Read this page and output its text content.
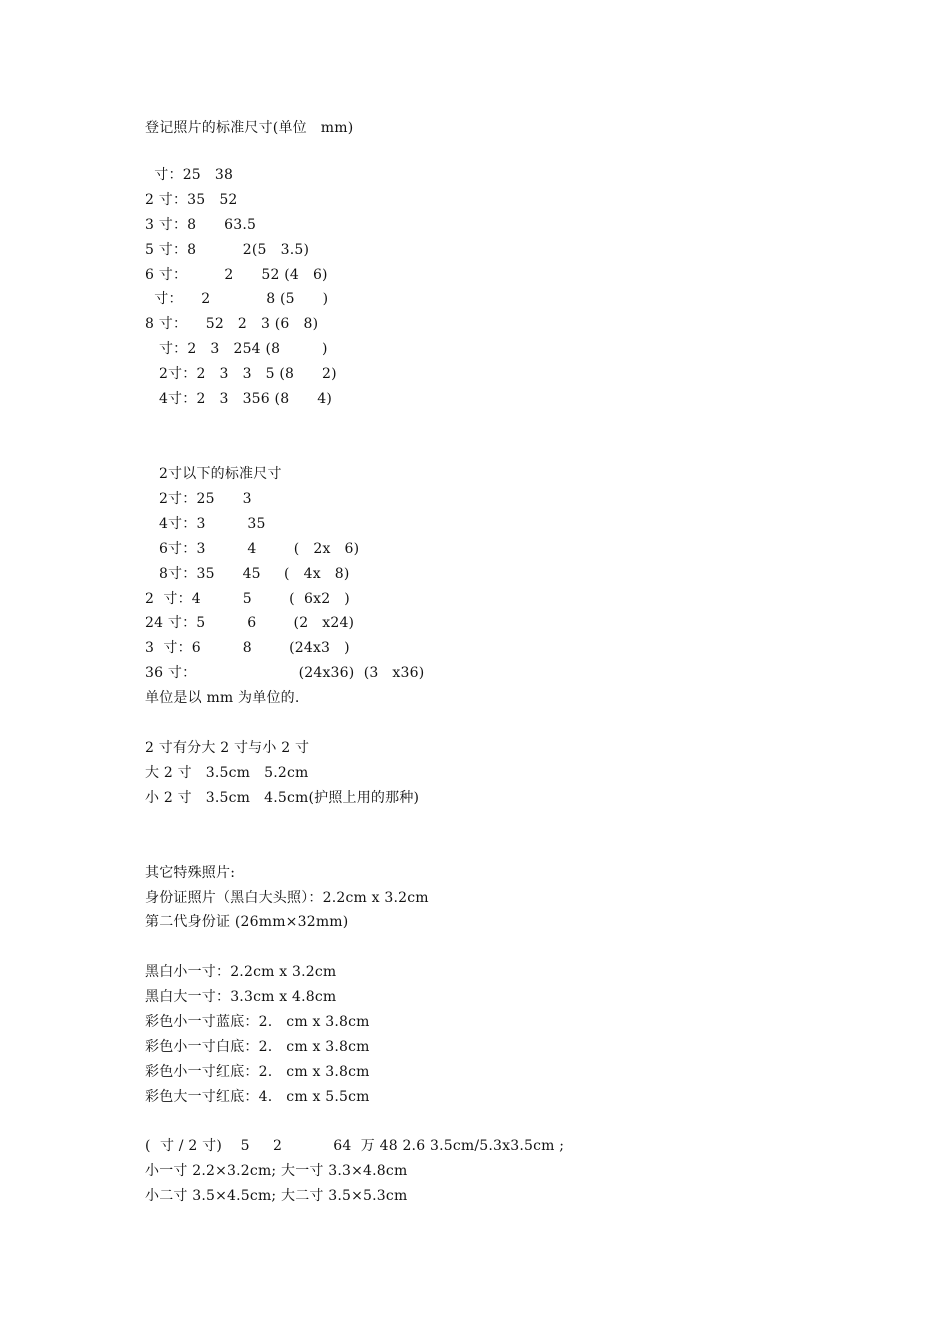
登记照片的标准尺寸(单位   mm)
寸：25   38
2 寸：35   52
3 寸：8      63.5
5 寸：8          2(5   3.5)
6 寸：        2      52 (4   6)
寸：    2            8 (5      )
8 寸：    52   2   3 (6   8)
寸：2   3   254 (8         )
2寸：2   3   3   5 (8      2)
4寸：2   3   356 (8      4)
2寸以下的标准尺寸
2寸：25      3
4寸：3         35
6寸：3         4        (   2x   6)
8寸：35      45     (   4x   8)
2  寸：4         5        (  6x2   )
24 寸：5         6        (2   x24)
3  寸：6         8        (24x3   )
36 寸：                      (24x36)  (3   x36)
单位是以 mm 为单位的.
2 寸有分大 2 寸与小 2 寸
大 2 寸   3.5cm   5.2cm
小 2 寸   3.5cm   4.5cm(护照上用的那种)
其它特殊照片:
身份证照片（黑白大头照）：2.2cm x 3.2cm
第二代身份证 (26mm×32mm)
黑白小一寸：2.2cm x 3.2cm
黑白大一寸：3.3cm x 4.8cm
彩色小一寸蓝底：2.   cm x 3.8cm
彩色小一寸白底：2.   cm x 3.8cm
彩色小一寸红底：2.   cm x 3.8cm
彩色大一寸红底：4.   cm x 5.5cm
(  寸 / 2 寸)    5     2           64  万 48 2.6 3.5cm/5.3x3.5cm ;
小一寸 2.2×3.2cm; 大一寸 3.3×4.8cm
小二寸 3.5×4.5cm; 大二寸 3.5×5.3cm
